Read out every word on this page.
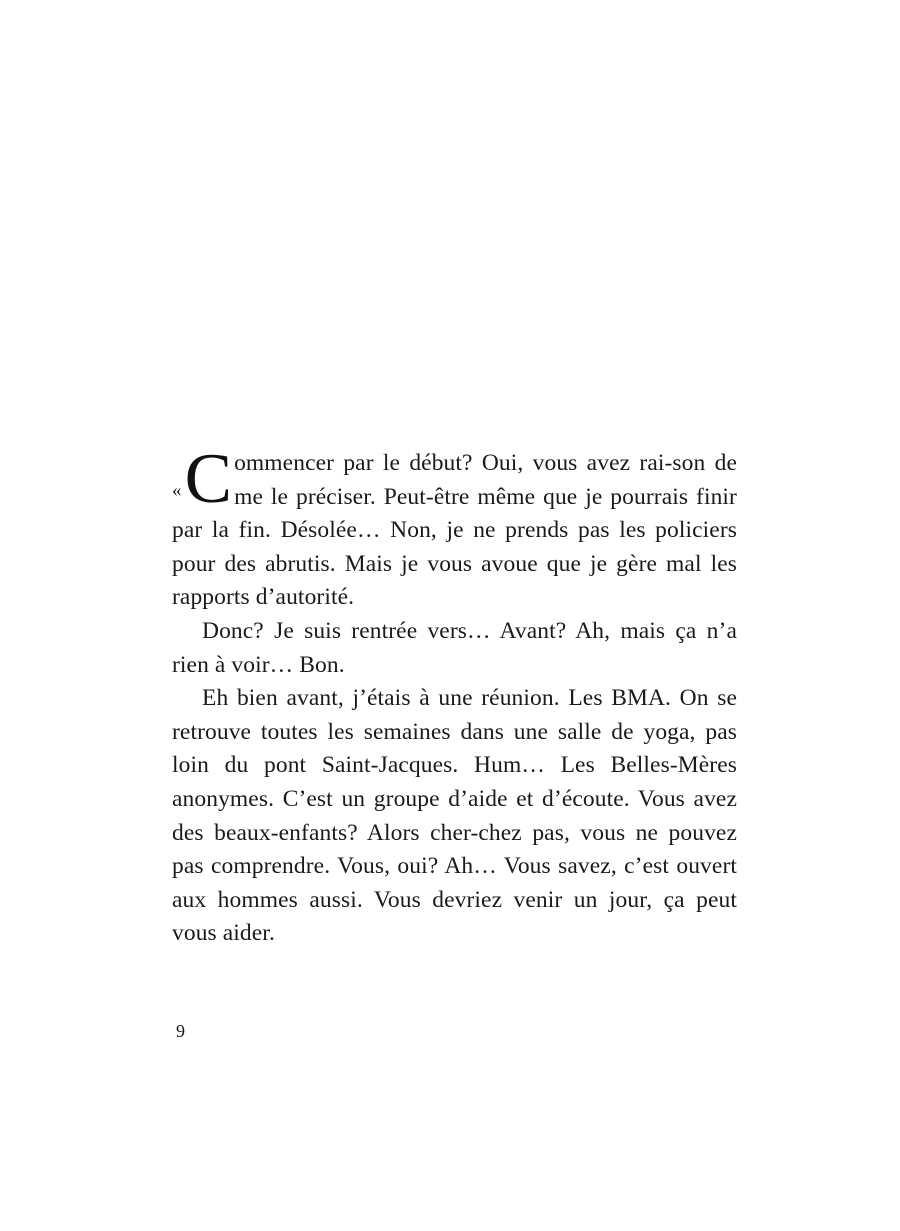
« C ommencer par le début? Oui, vous avez rai-son de me le préciser. Peut-être même que je pourrais finir par la fin. Désolée… Non, je ne prends pas les policiers pour des abrutis. Mais je vous avoue que je gère mal les rapports d’autorité.

Donc? Je suis rentrée vers… Avant? Ah, mais ça n’a rien à voir… Bon.

Eh bien avant, j’étais à une réunion. Les BMA. On se retrouve toutes les semaines dans une salle de yoga, pas loin du pont Saint-Jacques. Hum… Les Belles-Mères anonymes. C’est un groupe d’aide et d’écoute. Vous avez des beaux-enfants? Alors cher-chez pas, vous ne pouvez pas comprendre. Vous, oui? Ah… Vous savez, c’est ouvert aux hommes aussi. Vous devriez venir un jour, ça peut vous aider.

9
